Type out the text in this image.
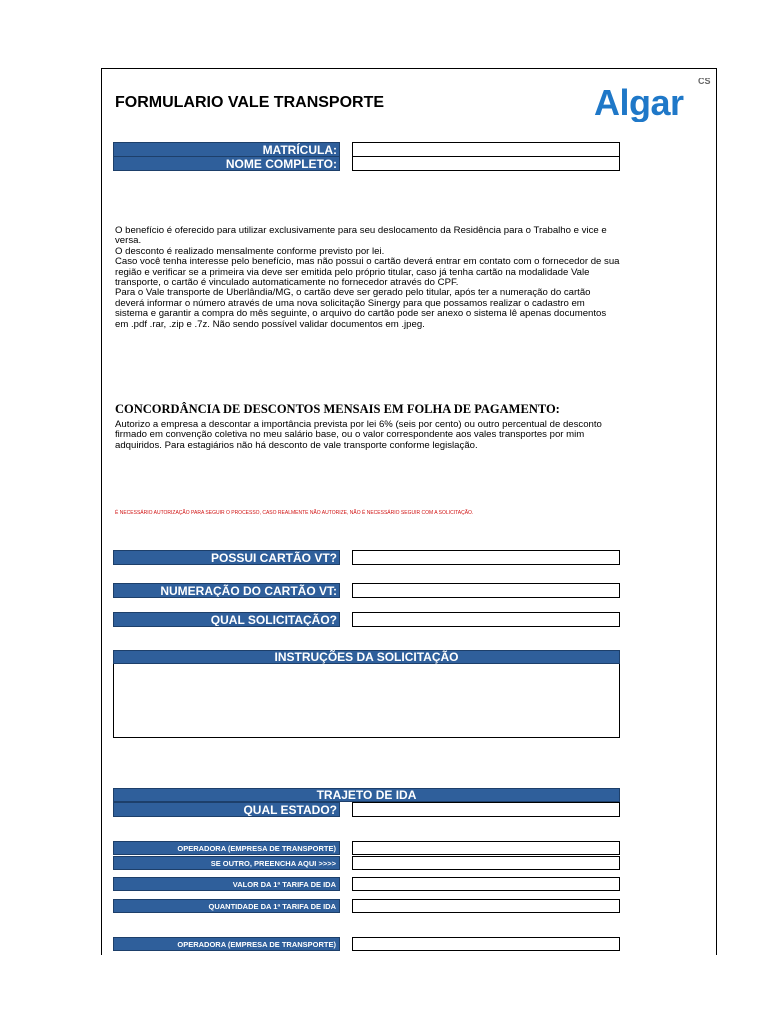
Algar
CS
FORMULARIO VALE TRANSPORTE
MATRÍCULA:
NOME COMPLETO:

O benefício é oferecido para utilizar exclusivamente para seu deslocamento da Residência para o Trabalho e vice e versa.

O desconto é realizado mensalmente conforme previsto por lei.

Caso você tenha interesse pelo benefício, mas não possui o cartão deverá entrar em contato com o fornecedor de sua região e verificar se a primeira via deve ser emitida pelo próprio titular, caso já tenha cartão na modalidade Vale transporte, o cartão é vinculado automaticamente no fornecedor através do CPF.

Para o Vale transporte de Uberlândia/MG, o cartão deve ser gerado pelo titular, após ter a numeração do cartão deverá informar o número através de uma nova solicitação Sinergy para que possamos realizar o cadastro em sistema e garantir a compra do mês seguinte, o arquivo do cartão pode ser anexo o sistema lê apenas documentos em .pdf .rar, .zip e .7z. Não sendo possível validar documentos em .jpeg.

CONCORDÂNCIA DE DESCONTOS MENSAIS EM FOLHA DE PAGAMENTO:

Autorizo a empresa a descontar a importância prevista por lei 6% (seis por cento) ou outro percentual de desconto firmado em convenção coletiva no meu salário base, ou o valor correspondente aos vales transportes por mim adquiridos. Para estagiários não há desconto de vale transporte conforme legislação.

É NECESSÁRIO AUTORIZAÇÃO PARA SEGUIR O PROCESSO, CASO REALMENTE NÃO AUTORIZE, NÃO É NECESSÁRIO SEGUIR COM A SOLICITAÇÃO.
POSSUI CARTÃO VT?
NUMERAÇÃO DO CARTÃO VT:
QUAL SOLICITAÇÃO?
INSTRUÇÕES DA SOLICITAÇÃO
TRAJETO DE IDA
QUAL ESTADO?
OPERADORA (EMPRESA DE TRANSPORTE)
SE OUTRO, PREENCHA AQUI >>>>
VALOR DA 1ª TARIFA DE IDA
QUANTIDADE DA 1ª TARIFA DE IDA
OPERADORA (EMPRESA DE TRANSPORTE)
